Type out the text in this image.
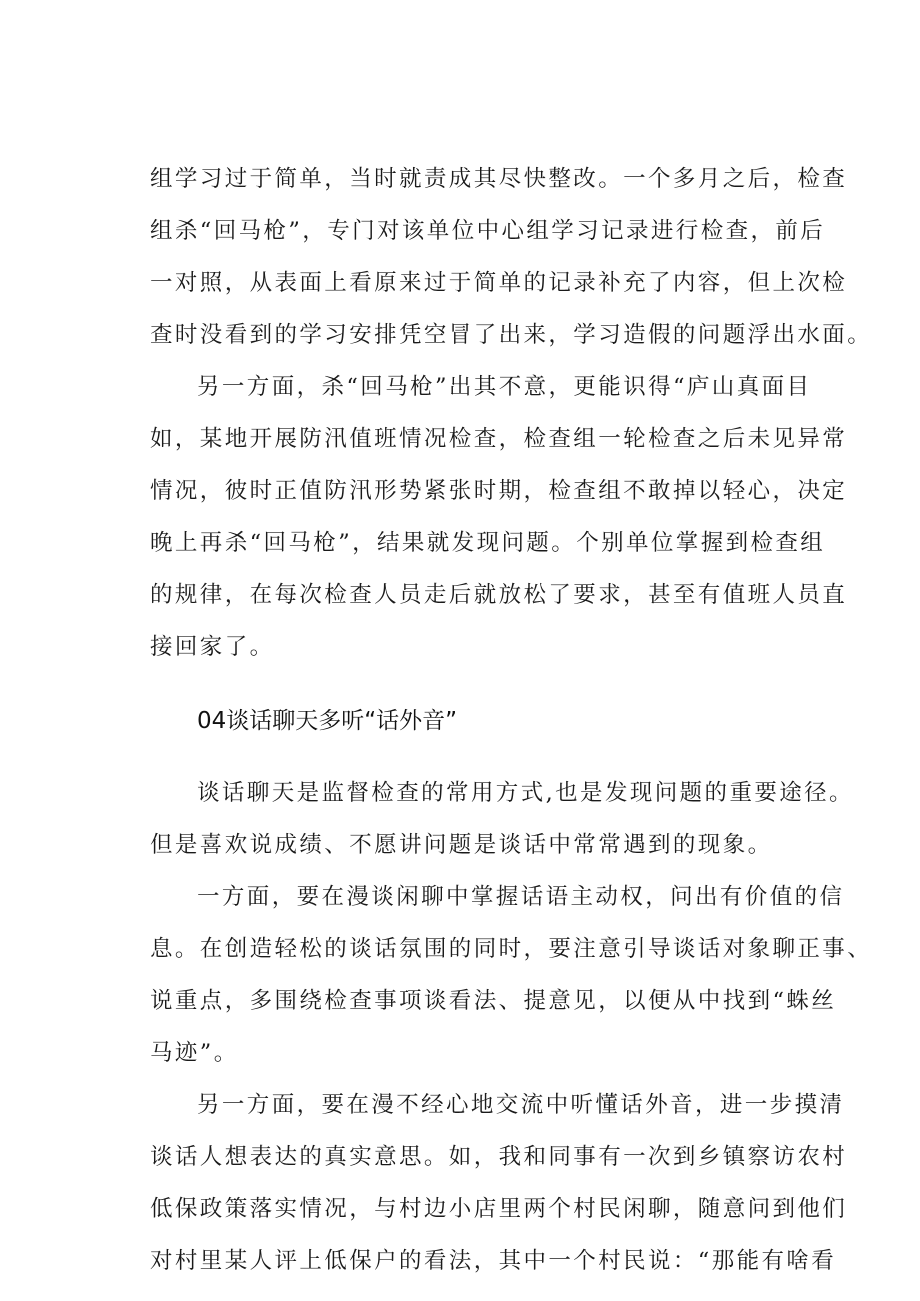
组学习过于简单，当时就责成其尽快整改。一个多月之后，检查
组杀“回马枪”，专门对该单位中心组学习记录进行检查，前后
一对照，从表面上看原来过于简单的记录补充了内容，但上次检
查时没看到的学习安排凭空冒了出来，学习造假的问题浮出水面。
另一方面，杀“回马枪”出其不意，更能识得“庐山真面目
如，某地开展防汛值班情况检查，检查组一轮检查之后未见异常
情况，彼时正值防汛形势紧张时期，检查组不敢掉以轻心，决定
晚上再杀“回马枪”，结果就发现问题。个别单位掌握到检查组
的规律，在每次检查人员走后就放松了要求，甚至有值班人员直
接回家了。
04谈话聊天多听“话外音”
谈话聊天是监督检查的常用方式,也是发现问题的重要途径。
但是喜欢说成绩、不愿讲问题是谈话中常常遇到的现象。
一方面，要在漫谈闲聊中掌握话语主动权，问出有价值的信
息。在创造轻松的谈话氛围的同时，要注意引导谈话对象聊正事、
说重点，多围绕检查事项谈看法、提意见，以便从中找到“蛛丝
马迹”。
另一方面，要在漫不经心地交流中听懂话外音，进一步摸清
谈话人想表达的真实意思。如，我和同事有一次到乡镇察访农村
低保政策落实情况，与村边小店里两个村民闲聊，随意问到他们
对村里某人评上低保户的看法，其中一个村民说：“那能有啥看
